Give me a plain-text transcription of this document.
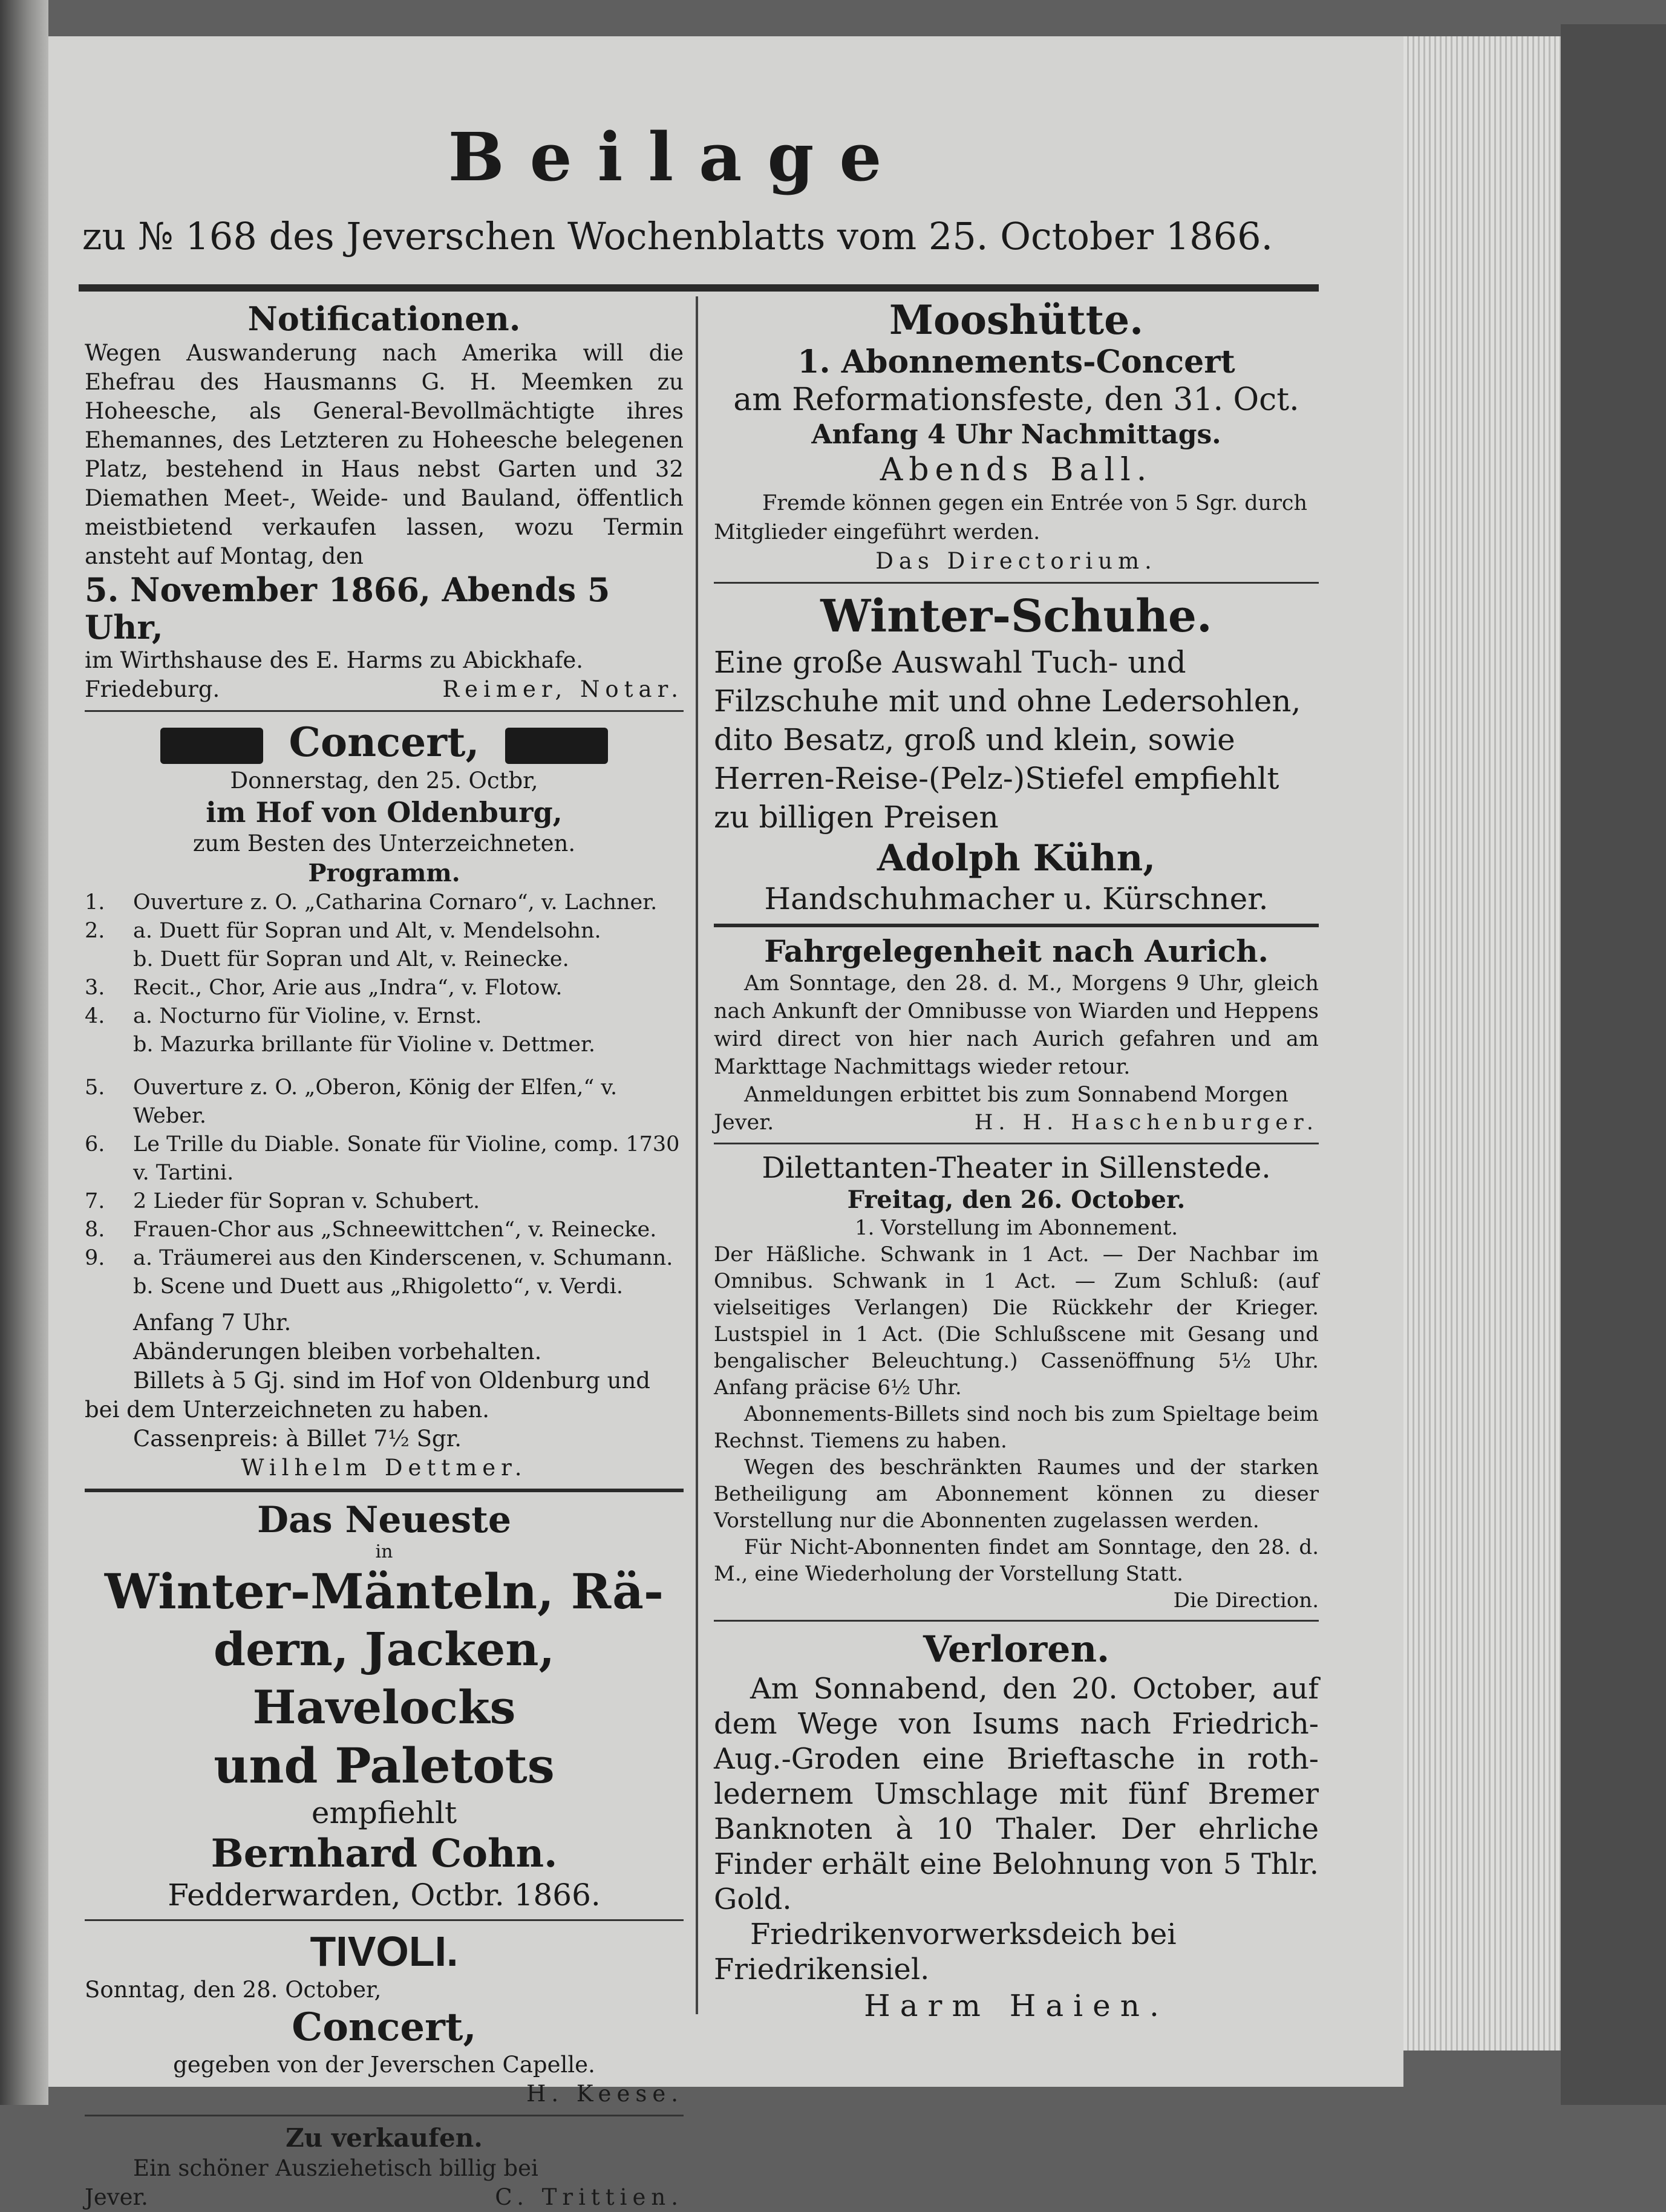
Beilage
zu № 168 des Jeverschen Wochenblatts vom 25. October 1866.
Notificationen.
Wegen Auswanderung nach Amerika will die Ehefrau des Hausmanns G. H. Meemken zu Hoheesche, als General-Bevollmächtigte ihres Ehemannes, des Letzteren zu Hoheesche belegenen Platz, bestehend in Haus nebst Garten und 32 Diemathen Meet-, Weide- und Bauland, öffentlich meistbietend verkaufen lassen, wozu Termin ansteht auf Montag, den
5. November 1866, Abends 5 Uhr,
im Wirthshause des E. Harms zu Abickhafe.
Friedeburg.	Reimer, Notar.
Concert,
Donnerstag, den 25. Octbr,
im Hof von Oldenburg,
zum Besten des Unterzeichneten.
Programm.
1.	Ouverture z. O. „Catharina Cornaro“, v. Lachner.
2.	a. Duett für Sopran und Alt, v. Mendelsohn.
b. Duett für Sopran und Alt, v. Reinecke.
3.	Recit., Chor, Arie aus „Indra“, v. Flotow.
4.	a. Nocturno für Violine, v. Ernst.
b. Mazurka brillante für Violine v. Dettmer.
5.	Ouverture z. O. „Oberon, König der Elfen,“ v. Weber.
6.	Le Trille du Diable. Sonate für Violine, comp. 1730 v. Tartini.
7.	2 Lieder für Sopran v. Schubert.
8.	Frauen-Chor aus „Schneewittchen“, v. Reinecke.
9.	a. Träumerei aus den Kinderscenen, v. Schumann.
b. Scene und Duett aus „Rhigoletto“, v. Verdi.
Anfang 7 Uhr.
Abänderungen bleiben vorbehalten.
Billets à 5 Gj. sind im Hof von Oldenburg und bei dem Unterzeichneten zu haben.
Cassenpreis: à Billet 7½ Sgr.
Wilhelm Dettmer.
Das Neueste
in
Winter-Mänteln, Rä-
dern, Jacken, Havelocks
und Paletots
empfiehlt
Bernhard Cohn.
Fedderwarden, Octbr. 1866.
TIVOLI.
Sonntag, den 28. October,
Concert,
gegeben von der Jeverschen Capelle.
H. Keese.
Zu verkaufen.
Ein schöner Ausziehetisch billig bei
Jever.	C. Trittien.
Mooshütte.
1. Abonnements-Concert
am Reformationsfeste, den 31. Oct.
Anfang 4 Uhr Nachmittags.
Abends Ball.
Fremde können gegen ein Entrée von 5 Sgr. durch Mitglieder eingeführt werden.
Das Directorium.
Winter-Schuhe.
Eine große Auswahl Tuch- und Filzschuhe mit und ohne Ledersohlen, dito Besatz, groß und klein, sowie Herren-Reise-(Pelz-)Stiefel empfiehlt zu billigen Preisen
Adolph Kühn,
Handschuhmacher u. Kürschner.
Fahrgelegenheit nach Aurich.
Am Sonntage, den 28. d. M., Morgens 9 Uhr, gleich nach Ankunft der Omnibusse von Wiarden und Heppens wird direct von hier nach Aurich gefahren und am Markttage Nachmittags wieder retour.
Anmeldungen erbittet bis zum Sonnabend Morgen
Jever.	H. H. Haschenburger.
Dilettanten-Theater in Sillenstede.
Freitag, den 26. October.
1. Vorstellung im Abonnement.
Der Häßliche. Schwank in 1 Act. — Der Nachbar im Omnibus. Schwank in 1 Act. — Zum Schluß: (auf vielseitiges Verlangen) Die Rückkehr der Krieger. Lustspiel in 1 Act. (Die Schlußscene mit Gesang und bengalischer Beleuchtung.) Cassenöffnung 5½ Uhr. Anfang präcise 6½ Uhr.
Abonnements-Billets sind noch bis zum Spieltage beim Rechnst. Tiemens zu haben.
Wegen des beschränkten Raumes und der starken Betheiligung am Abonnement können zu dieser Vorstellung nur die Abonnenten zugelassen werden.
Für Nicht-Abonnenten findet am Sonntage, den 28. d. M., eine Wiederholung der Vorstellung Statt.
Die Direction.
Verloren.
Am Sonnabend, den 20. October, auf dem Wege von Isums nach Friedrich-Aug.-Groden eine Brieftasche in roth-ledernem Umschlage mit fünf Bremer Banknoten à 10 Thaler. Der ehrliche Finder erhält eine Belohnung von 5 Thlr. Gold.
Friedrikenvorwerksdeich bei Friedrikensiel.
Harm Haien.
